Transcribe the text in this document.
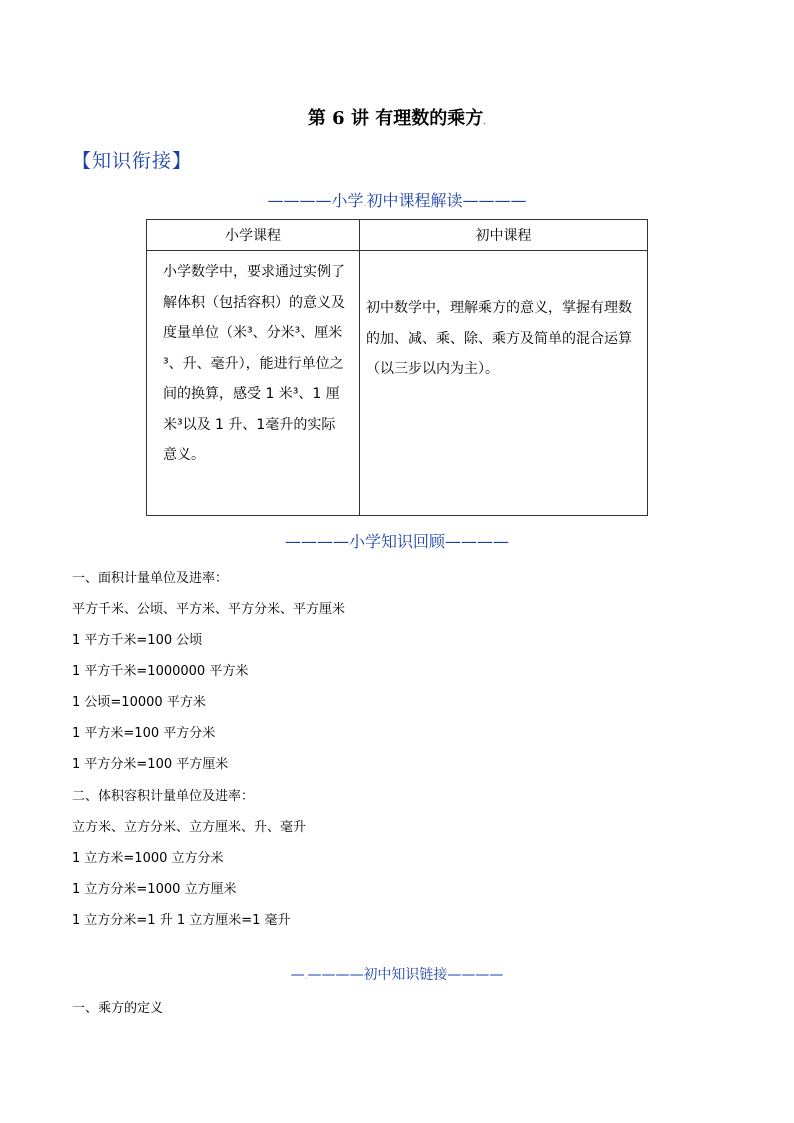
第 6 讲 有理数的乘方.
【知识衔接】
————小学.初中课程解读————
小学课程	初中课程
小学数学中，要求通过实例了解体积（包括容积）的意义及度量单位（米³、分米³、厘米³、升、毫升），能进行单位之间的换算，感受 1 米³、1 厘米³以及 1 升、1毫升的实际意义。	初中数学中，理解乘方的意义，掌握有理数的加、减、乘、除、乘方及简单的混合运算（以三步以内为主）。
————小学知识回顾————
一、面积计量单位及进率：
平方千米、公顷、平方米、平方分米、平方厘米
1 平方千米=100 公顷
1 平方千米=1000000 平方米
1 公顷=10000 平方米
1 平方米=100 平方分米
1 平方分米=100 平方厘米
二、体积容积计量单位及进率：
立方米、立方分米、立方厘米、升、毫升
1 立方米=1000 立方分米
1 立方分米=1000 立方厘米
1 立方分米=1 升 1 立方厘米=1 毫升
—.————初中知识链接————
一、乘方的定义
